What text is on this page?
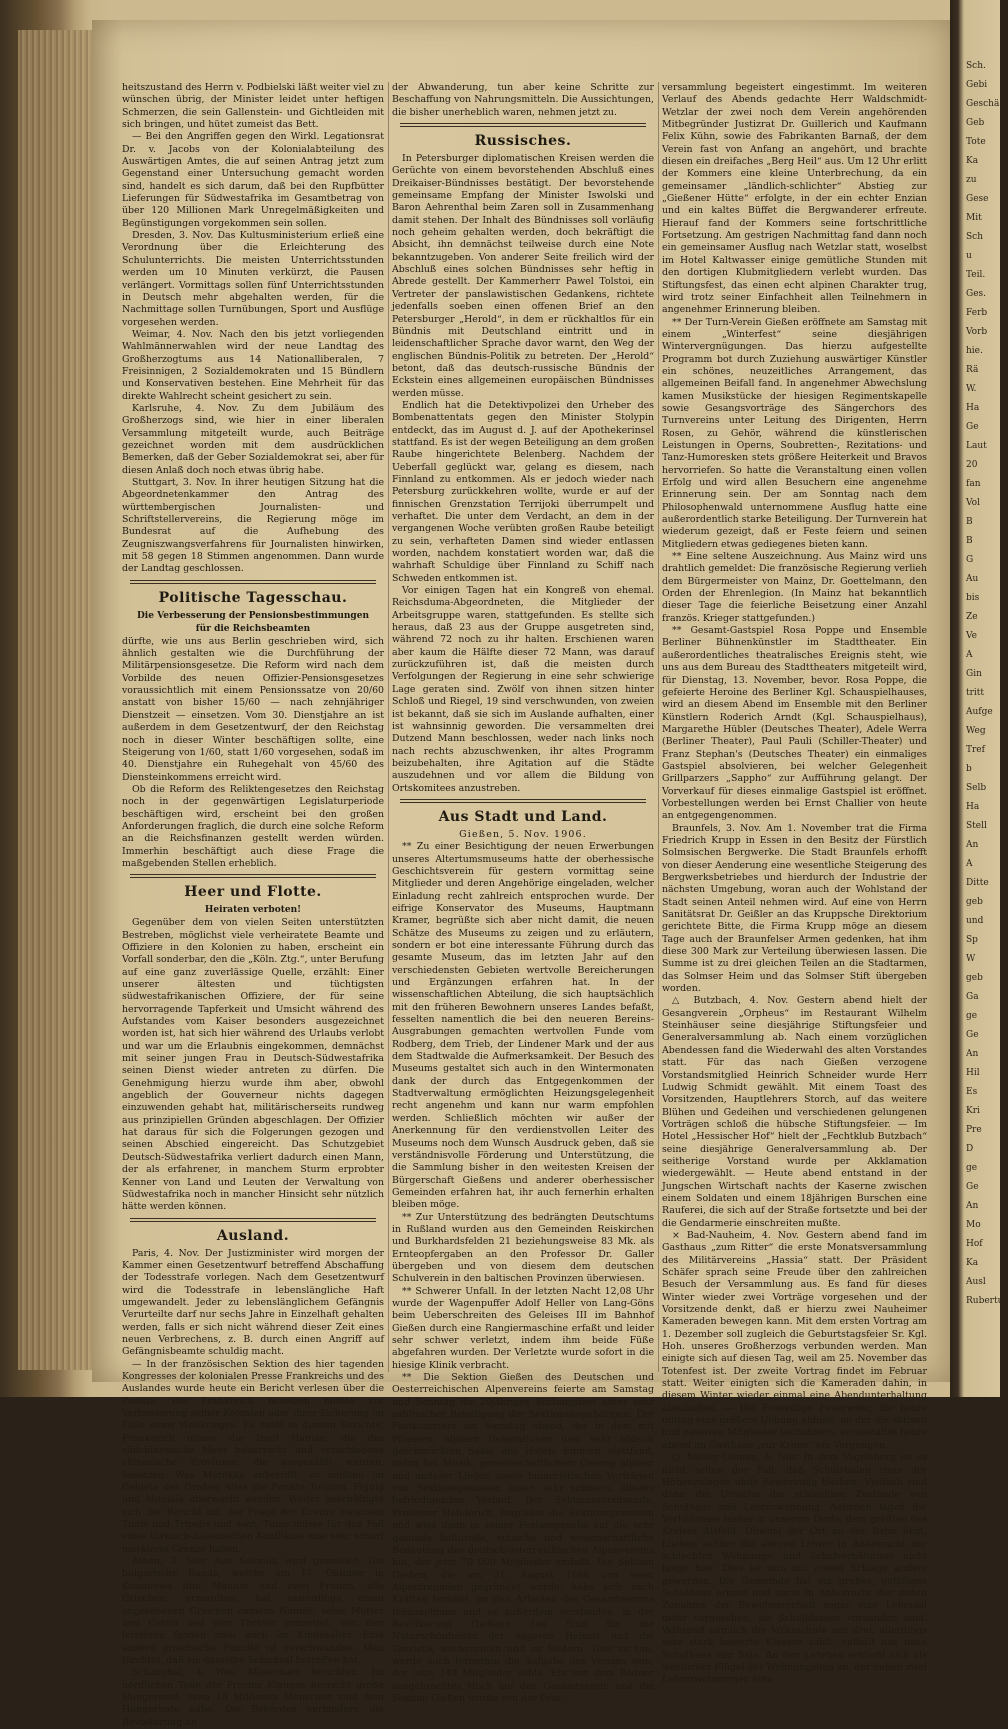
heitszustand des Herrn v. Podbielski läßt weiter viel zu wünschen übrig, der Minister leidet unter heftigen Schmerzen, die sein Gallenstein- und Gichtleiden mit sich bringen, und hütet zumeist das Bett.

— Bei den Angriffen gegen den Wirkl. Legationsrat Dr. v. Jacobs von der Kolonialabteilung des Auswärtigen Amtes, die auf seinen Antrag jetzt zum Gegenstand einer Untersuchung gemacht worden sind, handelt es sich darum, daß bei den Rupfbütter Lieferungen für Südwestafrika im Gesamtbetrag von über 120 Millionen Mark Unregelmäßigkeiten und Begünstigungen vorgekommen sein sollen.

Dresden, 3. Nov. Das Kultusministerium erließ eine Verordnung über die Erleichterung des Schulunterrichts. Die meisten Unterrichtsstunden werden um 10 Minuten verkürzt, die Pausen verlängert. Vormittags sollen fünf Unterrichtsstunden in Deutsch mehr abgehalten werden, für die Nachmittage sollen Turnübungen, Sport und Ausflüge vorgesehen werden.

Weimar, 4. Nov. Nach den bis jetzt vorliegenden Wahlmännerwahlen wird der neue Landtag des Großherzogtums aus 14 Nationalliberalen, 7 Freisinnigen, 2 Sozialdemokraten und 15 Bündlern und Konservativen bestehen. Eine Mehrheit für das direkte Wahlrecht scheint gesichert zu sein.

Karlsruhe, 4. Nov. Zu dem Jubiläum des Großherzogs sind, wie hier in einer liberalen Versammlung mitgeteilt wurde, auch Beiträge gezeichnet worden mit dem ausdrücklichen Bemerken, daß der Geber Sozialdemokrat sei, aber für diesen Anlaß doch noch etwas übrig habe.

Stuttgart, 3. Nov. In ihrer heutigen Sitzung hat die Abgeordnetenkammer den Antrag des württembergischen Journalisten- und Schriftstellervereins, die Regierung möge im Bundesrat auf die Aufhebung des Zeugniszwangsverfahrens für Journalisten hinwirken, mit 58 gegen 18 Stimmen angenommen. Dann wurde der Landtag geschlossen.

Politische Tagesschau.
Die Verbesserung der Pensionsbestimmungen
für die Reichsbeamten

dürfte, wie uns aus Berlin geschrieben wird, sich ähnlich gestalten wie die Durchführung der Militärpensionsgesetze. Die Reform wird nach dem Vorbilde des neuen Offizier-Pensionsgesetzes voraussichtlich mit einem Pensionssatze von 20/60 anstatt von bisher 15/60 — nach zehnjähriger Dienstzeit — einsetzen. Vom 30. Dienstjahre an ist außerdem in dem Gesetzentwurf, der den Reichstag noch in dieser Winter beschäftigen sollte, eine Steigerung von 1/60, statt 1/60 vorgesehen, sodaß im 40. Dienstjahre ein Ruhegehalt von 45/60 des Diensteinkommens erreicht wird.

Ob die Reform des Reliktengesetzes den Reichstag noch in der gegenwärtigen Legislaturperiode beschäftigen wird, erscheint bei den großen Anforderungen fraglich, die durch eine solche Reform an die Reichsfinanzen gestellt werden würden. Immerhin beschäftigt auch diese Frage die maßgebenden Stellen erheblich.

Heer und Flotte.
Heiraten verboten!

Gegenüber dem von vielen Seiten unterstützten Bestreben, möglichst viele verheiratete Beamte und Offiziere in den Kolonien zu haben, erscheint ein Vorfall sonderbar, den die „Köln. Ztg.“, unter Berufung auf eine ganz zuverlässige Quelle, erzählt: Einer unserer ältesten und tüchtigsten südwestafrikanischen Offiziere, der für seine hervorragende Tapferkeit und Umsicht während des Aufstandes vom Kaiser besonders ausgezeichnet worden ist, hat sich hier während des Urlaubs verlobt und war um die Erlaubnis eingekommen, demnächst mit seiner jungen Frau in Deutsch-Südwestafrika seinen Dienst wieder antreten zu dürfen. Die Genehmigung hierzu wurde ihm aber, obwohl angeblich der Gouverneur nichts dagegen einzuwenden gehabt hat, militärischerseits rundweg aus prinzipiellen Gründen abgeschlagen. Der Offizier hat daraus für sich die Folgerungen gezogen und seinen Abschied eingereicht. Das Schutzgebiet Deutsch-Südwestafrika verliert dadurch einen Mann, der als erfahrener, in manchem Sturm erprobter Kenner von Land und Leuten der Verwaltung von Südwestafrika noch in mancher Hinsicht sehr nützlich hätte werden können.

Ausland.

Paris, 4. Nov. Der Justizminister wird morgen der Kammer einen Gesetzentwurf betreffend Abschaffung der Todesstrafe vorlegen. Nach dem Gesetzentwurf wird die Todesstrafe in lebenslängliche Haft umgewandelt. Jeder zu lebenslänglichem Gefängnis Verurteilte darf nur sechs Jahre in Einzelhaft gehalten werden, falls er sich nicht während dieser Zeit eines neuen Verbrechens, z. B. durch einen Angriff auf Gefängnisbeamte schuldig macht.

— In der französischen Sektion des hier tagenden Kongresses der kolonialen Presse Frankreichs und des Auslandes wurde heute ein Bericht verlesen über die Punkte, die Frankreich besetzen müßte zur Verbesserung seiner Kolonien oder ihrer Sicherung im Falle eines Weltkrieges. Es heißt in diesem Berichte, Frankreich müsse die Insel Hainan, die das südchinesische Meer beherrscht und verschiedene chinesische Provinzen, die ausgezählt werden, besetzen. Was Marokko anbetrifft, so müßten im Gebiete des Großen Atlas die Punkte Touizan, Figuig und Moulaia überwacht werden. Weiter beschäftigte sich der Bericht mit der Frage der Grenze zwischen Tunis und Tripolis und sagt, Tunis müsse für den Fall eines türkisch-italienischen Konfliktes eine sehr scharf markierte Grenze haben.

Athen, 3. Nov. Aus Saloniki wird gemeldet: Die bulgarische Bande, welche am 17. Oktober in Kossinowa fünf Männer und zwei Frauen, alle Griechen, ermordete, hat neuerdings einen angesehenen Griechen namens Nameli, seine Mutter und Gattin und vier Töchter ermordet. Von den letzteren fanden zwei noch im Kindesalter. Eine andere griechische Familie ist verschwunden. Man fürchtet, daß sie dasselbe Schicksal betroffen hat.

Schanghai, 4. Nov. Missionare berichten: Im nördlichen Teile der Provinz Kiangsu herrscht große Hungersnot; etwa 10 Millionen Menschen sind dem Hungertode nahe. Die Behörden verhindern die Bevölkerung an

der Abwanderung, tun aber keine Schritte zur Beschaffung von Nahrungsmitteln. Die Aussichtungen, die bisher unerheblich waren, nehmen jetzt zu.

Russisches.

In Petersburger diplomatischen Kreisen werden die Gerüchte von einem bevorstehenden Abschluß eines Dreikaiser-Bündnisses bestätigt. Der bevorstehende gemeinsame Empfang der Minister Iswolski und Baron Aehrenthal beim Zaren soll in Zusammenhang damit stehen. Der Inhalt des Bündnisses soll vorläufig noch geheim gehalten werden, doch bekräftigt die Absicht, ihn demnächst teilweise durch eine Note bekanntzugeben. Von anderer Seite freilich wird der Abschluß eines solchen Bündnisses sehr heftig in Abrede gestellt. Der Kammerherr Pawel Tolstoi, ein Vertreter der panslawistischen Gedankens, richtete jedenfalls soeben einen offenen Brief an den Petersburger „Herold“, in dem er rückhaltlos für ein Bündnis mit Deutschland eintritt und in leidenschaftlicher Sprache davor warnt, den Weg der englischen Bündnis-Politik zu betreten. Der „Herold“ betont, daß das deutsch-russische Bündnis der Eckstein eines allgemeinen europäischen Bündnisses werden müsse.

Endlich hat die Detektivpolizei den Urheber des Bombenattentats gegen den Minister Stolypin entdeckt, das im August d. J. auf der Apothekerinsel stattfand. Es ist der wegen Beteiligung an dem großen Raube hingerichtete Belenberg. Nachdem der Ueberfall geglückt war, gelang es diesem, nach Finnland zu entkommen. Als er jedoch wieder nach Petersburg zurückkehren wollte, wurde er auf der finnischen Grenzstation Terrijoki überrumpelt und verhaftet. Die unter dem Verdacht, an dem in der vergangenen Woche verübten großen Raube beteiligt zu sein, verhafteten Damen sind wieder entlassen worden, nachdem konstatiert worden war, daß die wahrhaft Schuldige über Finnland zu Schiff nach Schweden entkommen ist.

Vor einigen Tagen hat ein Kongreß von ehemal. Reichsduma-Abgeordneten, die Mitglieder der Arbeitsgruppe waren, stattgefunden. Es stellte sich heraus, daß 23 aus der Gruppe ausgetreten sind, während 72 noch zu ihr halten. Erschienen waren aber kaum die Hälfte dieser 72 Mann, was darauf zurückzuführen ist, daß die meisten durch Verfolgungen der Regierung in eine sehr schwierige Lage geraten sind. Zwölf von ihnen sitzen hinter Schloß und Riegel, 19 sind verschwunden, von zweien ist bekannt, daß sie sich im Auslande aufhalten, einer ist wahnsinnig geworden. Die versammelten drei Dutzend Mann beschlossen, weder nach links noch nach rechts abzuschwenken, ihr altes Programm beizubehalten, ihre Agitation auf die Städte auszudehnen und vor allem die Bildung von Ortskomitees anzustreben.

Aus Stadt und Land.
Gießen, 5. Nov. 1906.

** Zu einer Besichtigung der neuen Erwerbungen unseres Altertumsmuseums hatte der oberhessische Geschichtsverein für gestern vormittag seine Mitglieder und deren Angehörige eingeladen, welcher Einladung recht zahlreich entsprochen wurde. Der eifrige Konservator des Museums, Hauptmann Kramer, begrüßte sich aber nicht damit, die neuen Schätze des Museums zu zeigen und zu erläutern, sondern er bot eine interessante Führung durch das gesamte Museum, das im letzten Jahr auf den verschiedensten Gebieten wertvolle Bereicherungen und Ergänzungen erfahren hat. In der wissenschaftlichen Abteilung, die sich hauptsächlich mit den früheren Bewohnern unseres Landes befaßt, fesselten namentlich die bei den neueren Bereins-Ausgrabungen gemachten wertvollen Funde vom Rodberg, dem Trieb, der Lindener Mark und der aus dem Stadtwalde die Aufmerksamkeit. Der Besuch des Museums gestaltet sich auch in den Wintermonaten dank der durch das Entgegenkommen der Stadtverwaltung ermöglichten Heizungsgelegenheit recht angenehm und kann nur warm empfohlen werden. Schließlich möchten wir außer der Anerkennung für den verdienstvollen Leiter des Museums noch dem Wunsch Ausdruck geben, daß sie verständnisvolle Förderung und Unterstützung, die die Sammlung bisher in den weitesten Kreisen der Bürgerschaft Gießens und anderer oberhessischer Gemeinden erfahren hat, ihr auch fernerhin erhalten bleiben möge.

** Zur Unterstützung des bedrängten Deutschtums in Rußland wurden aus den Gemeinden Reiskirchen und Burkhardsfelden 21 beziehungsweise 83 Mk. als Ernteopfergaben an den Professor Dr. Galler übergeben und von diesem dem deutschen Schulverein in den baltischen Provinzen überwiesen.

** Schwerer Unfall. In der letzten Nacht 12,08 Uhr wurde der Wagenpuffer Adolf Heller von Lang-Göns beim Ueberschreiten des Geleises III im Bahnhof Gießen durch eine Rangiermaschine erfaßt und leider sehr schwer verletzt, indem ihm beide Füße abgefahren wurden. Der Verletzte wurde sofort in die hiesige Klinik verbracht.

** Die Sektion Gießen des Deutschen und Oesterreichischen Alpenvereins feierte am Samstag und Sonntag ihr 20jähriges Stiftungsfest unter sehr zahlreicher Beteiligung der Sektionsangehörigen. Der Festkommers am Samstag abend, der in dem mit Pflanzen, alpinen Dekorationen usw. sehr hübsch geschmückten Saale des Hotels Einhorn stattfand, nahm bei Musik, gemeinschaftlichem Gesang alpiner und anderer Lieder, sowie humoristischen Vorträgen von Sektionsgenossen einen sehr schönen, allseits befriedigenden Verlauf. Der Sektionsvorsitzende, Professor Hehderich, begrüßte die Sektionsgenossen und wies dann in seiner Festansprache auf die sehr gesunde kulturelle, ethische und wissenschaftliche Bedeutung des deutsch-österreichischen Alpenvereins hin, der jetzt 70 000 Mitglieder umfaßt. Die Sektion Gießen, die am 31. August 1886 von neun Alpenfreunden gegründet wurde, habe sich nach Kräften bemüht, an den Arbeiten des Gesamtvereins teilzunehmen und es außerdem verstanden, in der Bevölkerung Gießens den Sinn für die Naturschönheiten der engeren Heimat und die Touristik wachzurufen und zu fördern. Dies zu tun, werde auch fernerhin die Aufgabe des Vereins sein, der jetzt 149 Mitglieder zähle. Ein von dem Redner ausgebrachtes Hoch auf den Gesamtverein und die Sektion Gießen wurde von der Fest-

versammlung begeistert eingestimmt. Im weiteren Verlauf des Abends gedachte Herr Waldschmidt-Wetzlar der zwei noch dem Verein angehörenden Mitbegründer Justizrat Dr. Guillerich und Kaufmann Felix Kühn, sowie des Fabrikanten Barnaß, der dem Verein fast von Anfang an angehört, und brachte diesen ein dreifaches „Berg Heil“ aus. Um 12 Uhr erlitt der Kommers eine kleine Unterbrechung, da ein gemeinsamer „ländlich-schlichter“ Abstieg zur „Gießener Hütte“ erfolgte, in der ein echter Enzian und ein kaltes Büffet die Bergwanderer erfreute. Hierauf fand der Kommers seine fortschrittliche Fortsetzung. Am gestrigen Nachmittag fand dann noch ein gemeinsamer Ausflug nach Wetzlar statt, woselbst im Hotel Kaltwasser einige gemütliche Stunden mit den dortigen Klubmitgliedern verlebt wurden. Das Stiftungsfest, das einen echt alpinen Charakter trug, wird trotz seiner Einfachheit allen Teilnehmern in angenehmer Erinnerung bleiben.

** Der Turn-Verein Gießen eröffnete am Samstag mit einem „Winterfest“ seine diesjährigen Wintervergnügungen. Das hierzu aufgestellte Programm bot durch Zuziehung auswärtiger Künstler ein schönes, neuzeitliches Arrangement, das allgemeinen Beifall fand. In angenehmer Abwechslung kamen Musikstücke der hiesigen Regimentskapelle sowie Gesangsvorträge des Sängerchors des Turnvereins unter Leitung des Dirigenten, Herrn Rosen, zu Gehör, während die künstlerischen Leistungen in Operns, Soubretten-, Rezitations- und Tanz-Humoresken stets größere Heiterkeit und Bravos hervorriefen. So hatte die Veranstaltung einen vollen Erfolg und wird allen Besuchern eine angenehme Erinnerung sein. Der am Sonntag nach dem Philosophenwald unternommene Ausflug hatte eine außerordentlich starke Beteiligung. Der Turnverein hat wiederum gezeigt, daß er Feste feiern und seinen Mitgliedern etwas gediegenes bieten kann.

** Eine seltene Auszeichnung. Aus Mainz wird uns drahtlich gemeldet: Die französische Regierung verlieh dem Bürgermeister von Mainz, Dr. Goettelmann, den Orden der Ehrenlegion. (In Mainz hat bekanntlich dieser Tage die feierliche Beisetzung einer Anzahl französ. Krieger stattgefunden.)

** Gesamt-Gastspiel Rosa Poppe und Ensemble Berliner Bühnenkünstler im Stadttheater. Ein außerordentliches theatralisches Ereignis steht, wie uns aus dem Bureau des Stadttheaters mitgeteilt wird, für Dienstag, 13. November, bevor. Rosa Poppe, die gefeierte Heroine des Berliner Kgl. Schauspielhauses, wird an diesem Abend im Ensemble mit den Berliner Künstlern Roderich Arndt (Kgl. Schauspielhaus), Margarethe Hübler (Deutsches Theater), Adele Werra (Berliner Theater), Paul Pauli (Schiller-Theater) und Franz Stephan's (Deutsches Theater) ein einmaliges Gastspiel absolvieren, bei welcher Gelegenheit Grillparzers „Sappho“ zur Aufführung gelangt. Der Vorverkauf für dieses einmalige Gastspiel ist eröffnet. Vorbestellungen werden bei Ernst Challier von heute an entgegengenommen.

Braunfels, 3. Nov. Am 1. November trat die Firma Friedrich Krupp in Essen in den Besitz der Fürstlich Solmsischen Bergwerke. Die Stadt Braunfels erhofft von dieser Aenderung eine wesentliche Steigerung des Bergwerksbetriebes und hierdurch der Industrie der nächsten Umgebung, woran auch der Wohlstand der Stadt seinen Anteil nehmen wird. Auf eine von Herrn Sanitätsrat Dr. Geißler an das Kruppsche Direktorium gerichtete Bitte, die Firma Krupp möge an diesem Tage auch der Braunfelser Armen gedenken, hat ihm diese 300 Mark zur Verteilung überwiesen lassen. Die Summe ist zu drei gleichen Teilen an die Stadtarmen, das Solmser Heim und das Solmser Stift übergeben worden.

△ Butzbach, 4. Nov. Gestern abend hielt der Gesangverein „Orpheus“ im Restaurant Wilhelm Steinhäuser seine diesjährige Stiftungsfeier und Generalversammlung ab. Nach einem vorzüglichen Abendessen fand die Wiederwahl des alten Vorstandes statt. Für das nach Gießen verzogene Vorstandsmitglied Heinrich Schneider wurde Herr Ludwig Schmidt gewählt. Mit einem Toast des Vorsitzenden, Hauptlehrers Storch, auf das weitere Blühen und Gedeihen und verschiedenen gelungenen Vorträgen schloß die hübsche Stiftungsfeier. — Im Hotel „Hessischer Hof“ hielt der „Fechtklub Butzbach“ seine diesjährige Generalversammlung ab. Der seitherige Vorstand wurde per Akklamation wiedergewählt. — Heute abend entstand in der Jungschen Wirtschaft nachts der Kaserne zwischen einem Soldaten und einem 18jährigen Burschen eine Rauferei, die sich auf der Straße fortsetzte und bei der die Gendarmerie einschreiten mußte.

× Bad-Nauheim, 4. Nov. Gestern abend fand im Gasthaus „zum Ritter“ die erste Monatsversammlung des Militärvereins „Hassia“ statt. Der Präsident Schäfer sprach seine Freude über den zahlreichen Besuch der Versammlung aus. Es fand für dieses Winter wieder zwei Vorträge vorgesehen und der Vorsitzende denkt, daß er hierzu zwei Nauheimer Kameraden bewegen kann. Mit dem ersten Vortrag am 1. Dezember soll zugleich die Geburtstagsfeier Sr. Kgl. Hoh. unseres Großherzogs verbunden werden. Man einigte sich auf diesen Tag, weil am 25. November das Totenfest ist. Der zweite Vortrag findet im Februar statt. Weiter einigten sich die Kameraden dahin, in diesem Winter wieder einmal eine Abendunterhaltung abzuhalten. — Die Freiwillige Feuerwehr, die heute mittag eine größere Uebung abhielt, an der die aktiven und passiven Mitglieder teilnahmen, veranstaltet heute abend im Gasthaus „zur Krone“ ein Vergnügen.

○ Nieder-Ohmen, 4. Nov. In dem Vogelsberg ist es nicht selten der Fall, daß Schulstellen trotz der Höhenzulagen ohne Bewerbung bleiben. Vielfach sind dann die Ursache die schlechten Zustände von Schulhaus und Lehrerwohnung. Aehnlich lagen die Verhältnisse bisher in unserem Dorfe, dem größten des Kreises Alsfeld. Obwohl der Ort an der Bahn liegt, blieben seither die älteren Lehrer in Anbetracht der schlechten Wohnungs- und Schulverhältnisse nicht lange hier. Dies ist nun mit einem Schlage anders geworden. Die Gemeinde hat ein großes, gefälliges Schulhaus erbaut und darin in Anbetracht der steten Zunahme der Bewohnerschaft sogar eine Lehrsaal mehr vorgesehen, als Schulklassen vorhanden sind. Während nämlich die Volksschule nur drei, allerdings sehr stark besetzte Klassen zählt, enthält das neue Schulhaus vier Säle. An den Lehrbau schließt sich als westlicher Flügel der Wohnungsbau an, der neben zwei Lehrerwohnungen eine

Sch.
Gebi
Geschä
Geb
Tote
Ka
zu
Gese
Mit
Sch
u
Teil.
Ges.
Ferb
Vorb
hie.
Rä
W.
Ha
Ge
Laut
20
fan
Vol
B
B
G
Au
bis
Ze
Ve
A
Gin
tritt
Aufge
Weg
Tref
b
Selb
Ha
Stell
An
A
Ditte
geb
und
Sp
W
geb
Ga
ge
Ge
An
Hil
Es
Kri
Pre
D
ge
Ge
An
Mo
Hof
Ka
Ausl
Rubertus
